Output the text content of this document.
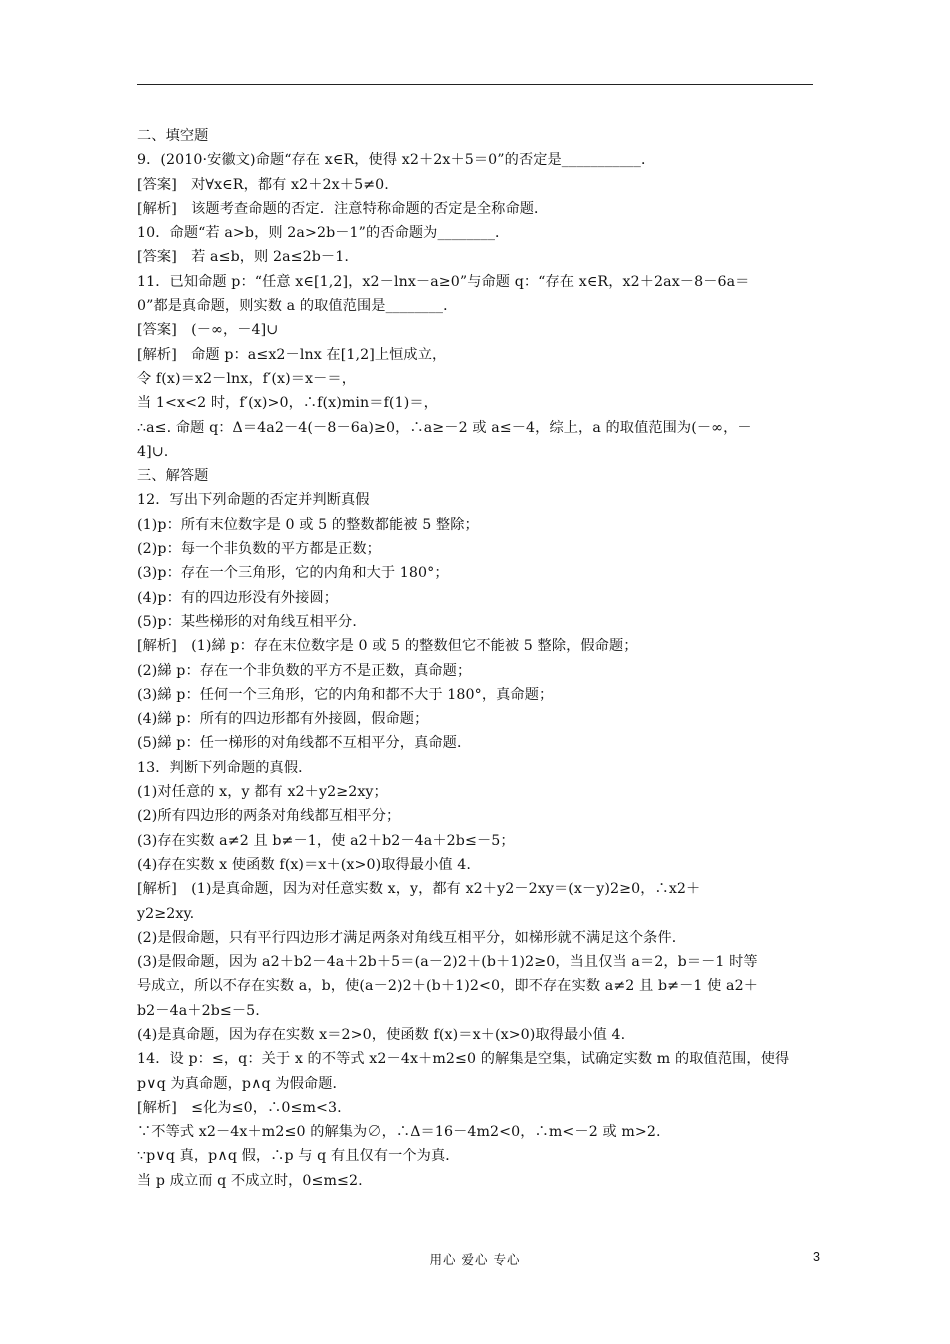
二、填空题
9．(2010·安徽文)命题“存在 x∈R，使得 x2＋2x＋5＝0”的否定是___________．
[答案]　对∀x∈R，都有 x2＋2x＋5≠0.
[解析]　该题考查命题的否定．注意特称命题的否定是全称命题．
10．命题“若 a>b，则 2a>2b－1”的否命题为________．
[答案]　若 a≤b，则 2a≤2b－1.
11．已知命题 p：“任意 x∈[1,2]，x2－lnx－a≥0”与命题 q：“存在 x∈R，x2＋2ax－8－6a＝
0”都是真命题，则实数 a 的取值范围是________．
[答案]　(－∞，－4]∪
[解析]　命题 p：a≤x2－lnx 在[1,2]上恒成立，
令 f(x)＝x2－lnx，f′(x)＝x－＝，
当 1<x<2 时，f′(x)>0，∴f(x)min＝f(1)＝，
∴a≤. 命题 q：Δ＝4a2－4(－8－6a)≥0，∴a≥－2 或 a≤－4，综上，a 的取值范围为(－∞，－
4]∪.
三、解答题
12．写出下列命题的否定并判断真假
(1)p：所有末位数字是 0 或 5 的整数都能被 5 整除；
(2)p：每一个非负数的平方都是正数；
(3)p：存在一个三角形，它的内角和大于 180°；
(4)p：有的四边形没有外接圆；
(5)p：某些梯形的对角线互相平分．
[解析]　(1)綈 p：存在末位数字是 0 或 5 的整数但它不能被 5 整除，假命题；
(2)綈 p：存在一个非负数的平方不是正数，真命题；
(3)綈 p：任何一个三角形，它的内角和都不大于 180°，真命题；
(4)綈 p：所有的四边形都有外接圆，假命题；
(5)綈 p：任一梯形的对角线都不互相平分，真命题．
13．判断下列命题的真假．
(1)对任意的 x，y 都有 x2＋y2≥2xy；
(2)所有四边形的两条对角线都互相平分；
(3)存在实数 a≠2 且 b≠－1，使 a2＋b2－4a＋2b≤－5；
(4)存在实数 x 使函数 f(x)＝x＋(x>0)取得最小值 4.
[解析]　(1)是真命题，因为对任意实数 x，y，都有 x2＋y2－2xy＝(x－y)2≥0，∴x2＋
y2≥2xy.
(2)是假命题，只有平行四边形才满足两条对角线互相平分，如梯形就不满足这个条件．
(3)是假命题，因为 a2＋b2－4a＋2b＋5＝(a－2)2＋(b＋1)2≥0，当且仅当 a＝2，b＝－1 时等
号成立，所以不存在实数 a，b，使(a－2)2＋(b＋1)2<0，即不存在实数 a≠2 且 b≠－1 使 a2＋
b2－4a＋2b≤－5.
(4)是真命题，因为存在实数 x＝2>0，使函数 f(x)＝x＋(x>0)取得最小值 4.
14．设 p：≤，q：关于 x 的不等式 x2－4x＋m2≤0 的解集是空集，试确定实数 m 的取值范围，使得
p∨q 为真命题，p∧q 为假命题．
[解析]　≤化为≤0，∴0≤m<3.
∵不等式 x2－4x＋m2≤0 的解集为∅，∴Δ＝16－4m2<0，∴m<－2 或 m>2.
∵p∨q 真，p∧q 假，∴p 与 q 有且仅有一个为真．
当 p 成立而 q 不成立时，0≤m≤2.
用心 爱心 专心	3
